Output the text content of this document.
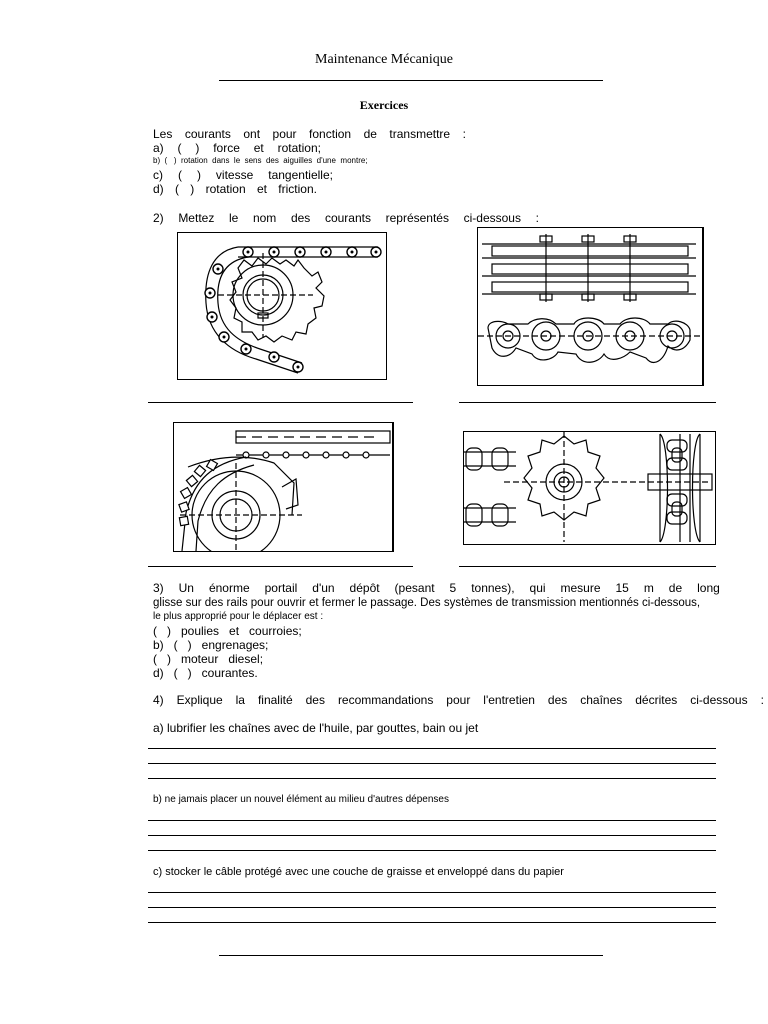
Maintenance Mécanique
Exercices
Les courants ont pour fonction de transmettre :
a) ( ) force et rotation;
b)  (   )  rotation  dans  le  sens  des  aiguilles  d'une  montre;
c) ( ) vitesse tangentielle;
d) ( ) rotation et friction.
2) Mettez le nom des courants représentés ci-dessous :
3) Un énorme portail d'un dépôt (pesant 5 tonnes), qui mesure 15 m de long
glisse sur des rails pour ouvrir et fermer le passage. Des systèmes de transmission mentionnés ci-dessous,
le plus approprié pour le déplacer est :
(   )   poulies   et   courroies;
b)   (   )   engrenages;
(   )   moteur   diesel;
d)   (   )   courantes.
4) Explique la finalité des recommandations pour l'entretien des chaînes décrites ci-dessous :
a) lubrifier les chaînes avec de l'huile, par gouttes, bain ou jet
b) ne jamais placer un nouvel élément au milieu d'autres dépenses
c) stocker le câble protégé avec une couche de graisse et enveloppé dans du papier
